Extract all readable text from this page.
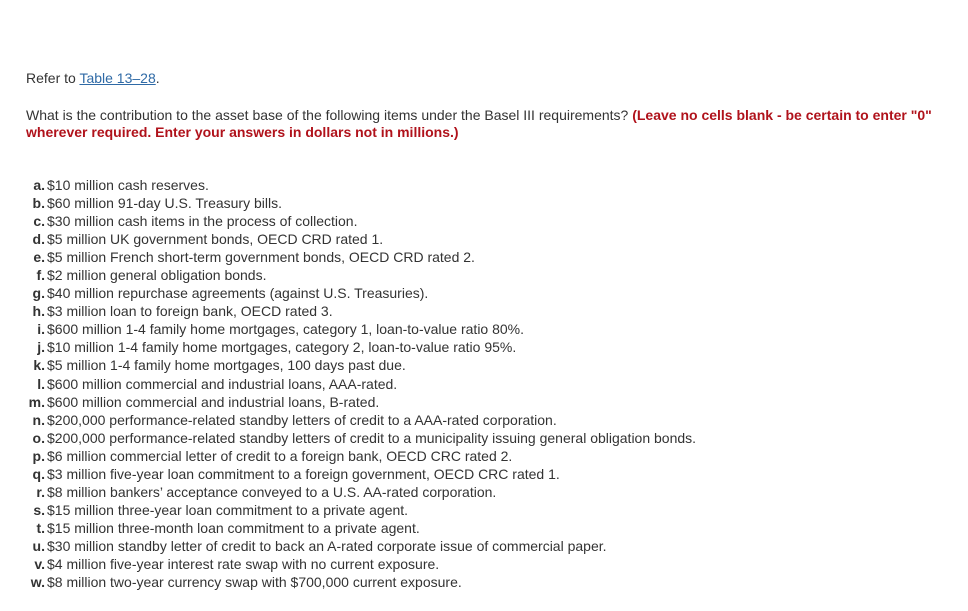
Refer to Table 13–28.
What is the contribution to the asset base of the following items under the Basel III requirements? (Leave no cells blank - be certain to enter "0" wherever required. Enter your answers in dollars not in millions.)
a. $10 million cash reserves.
b. $60 million 91-day U.S. Treasury bills.
c. $30 million cash items in the process of collection.
d. $5 million UK government bonds, OECD CRD rated 1.
e. $5 million French short-term government bonds, OECD CRD rated 2.
f. $2 million general obligation bonds.
g. $40 million repurchase agreements (against U.S. Treasuries).
h. $3 million loan to foreign bank, OECD rated 3.
i. $600 million 1-4 family home mortgages, category 1, loan-to-value ratio 80%.
j. $10 million 1-4 family home mortgages, category 2, loan-to-value ratio 95%.
k. $5 million 1-4 family home mortgages, 100 days past due.
l. $600 million commercial and industrial loans, AAA-rated.
m. $600 million commercial and industrial loans, B-rated.
n. $200,000 performance-related standby letters of credit to a AAA-rated corporation.
o. $200,000 performance-related standby letters of credit to a municipality issuing general obligation bonds.
p. $6 million commercial letter of credit to a foreign bank, OECD CRC rated 2.
q. $3 million five-year loan commitment to a foreign government, OECD CRC rated 1.
r. $8 million bankers’ acceptance conveyed to a U.S. AA-rated corporation.
s. $15 million three-year loan commitment to a private agent.
t. $15 million three-month loan commitment to a private agent.
u. $30 million standby letter of credit to back an A-rated corporate issue of commercial paper.
v. $4 million five-year interest rate swap with no current exposure.
w. $8 million two-year currency swap with $700,000 current exposure.
